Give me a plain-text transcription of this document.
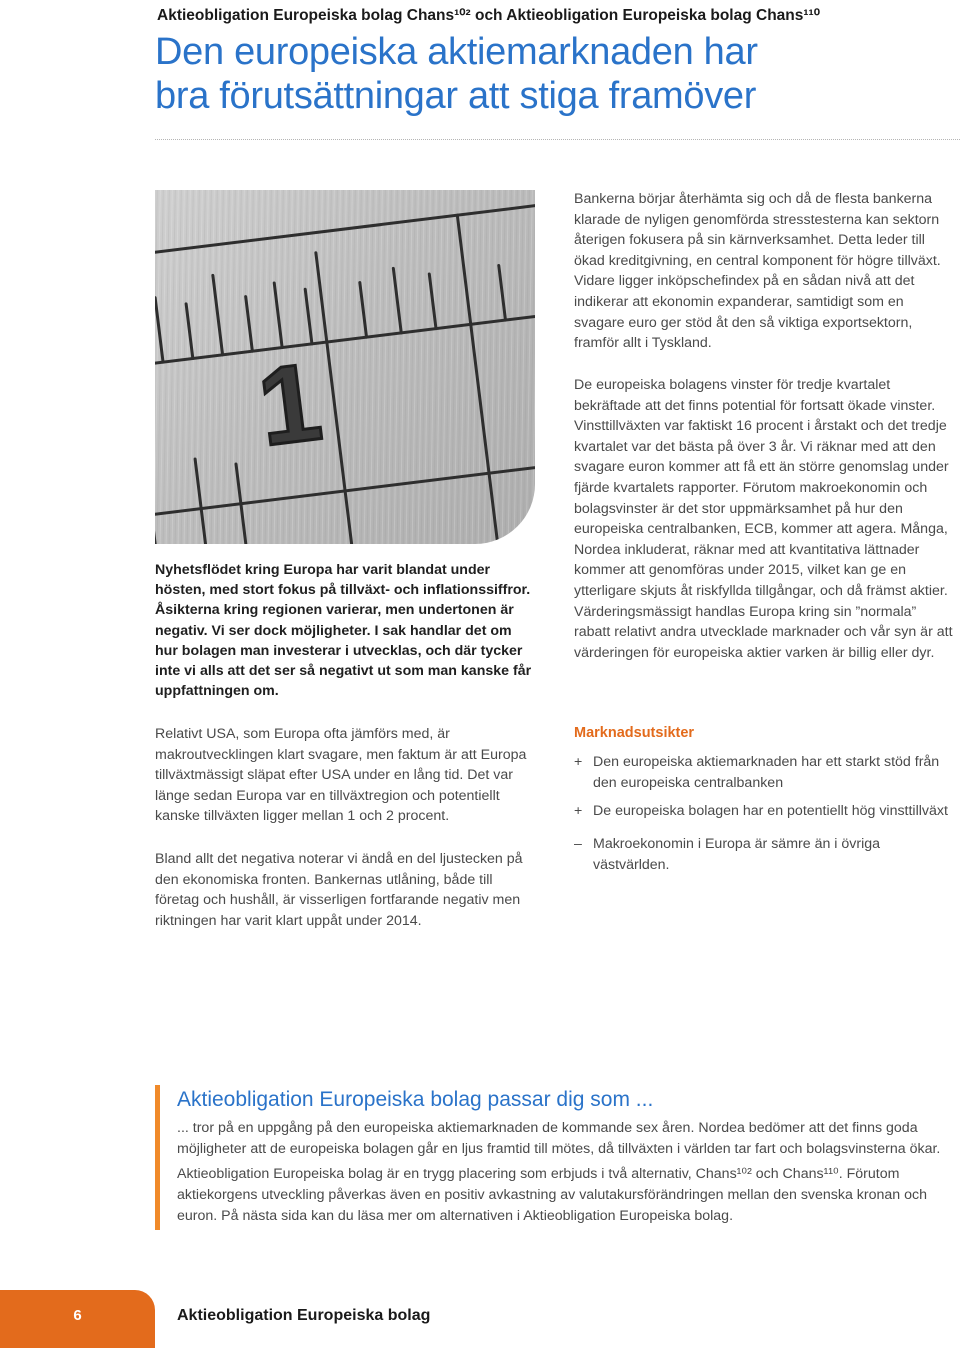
Aktieobligation Europeiska bolag Chans¹⁰² och Aktieobligation Europeiska bolag Chans¹¹⁰
Den europeiska aktiemarknaden har
bra förutsättningar att stiga framöver
1
Nyhetsflödet kring Europa har varit blandat under hösten, med stort fokus på tillväxt- och inflationssiffror. Åsikterna kring regionen varierar, men undertonen är negativ. Vi ser dock möjligheter. I sak handlar det om hur bolagen man investerar i utvecklas, och där tycker inte vi alls att det ser så negativt ut som man kanske får uppfattningen om.
Relativt USA, som Europa ofta jämförs med, är makroutvecklingen klart svagare, men faktum är att Europa tillväxtmässigt släpat efter USA under en lång tid. Det var länge sedan Europa var en tillväxtregion och potentiellt kanske tillväxten ligger mellan 1 och 2 procent.
Bland allt det negativa noterar vi ändå en del ljustecken på den ekonomiska fronten. Bankernas utlåning, både till företag och hushåll, är visserligen fortfarande negativ men riktningen har varit klart uppåt under 2014.
Bankerna börjar återhämta sig och då de flesta bankerna klarade de nyligen genomförda stresstesterna kan sektorn återigen fokusera på sin kärnverksamhet. Detta leder till ökad kreditgivning, en central komponent för högre tillväxt. Vidare ligger inköpschefindex på en sådan nivå att det indikerar att ekonomin expanderar, samtidigt som en svagare euro ger stöd åt den så viktiga exportsektorn, framför allt i Tyskland.
De europeiska bolagens vinster för tredje kvartalet bekräftade att det finns potential för fortsatt ökade vinster. Vinsttillväxten var faktiskt 16 procent i årstakt och det tredje kvartalet var det bästa på över 3 år. Vi räknar med att den svagare euron kommer att få ett än större genomslag under fjärde kvartalets rapporter. Förutom makroekonomin och bolagsvinster är det stor uppmärksamhet på hur den europeiska centralbanken, ECB, kommer att agera. Många, Nordea inkluderat, räknar med att kvantitativa lättnader kommer att genomföras under 2015, vilket kan ge en ytterligare skjuts åt riskfyllda tillgångar, och då främst aktier. Värderingsmässigt handlas Europa kring sin ”normala” rabatt relativt andra utvecklade marknader och vår syn är att värderingen för europeiska aktier varken är billig eller dyr.
Marknadsutsikter
+ Den europeiska aktiemarknaden har ett starkt stöd från den europeiska centralbanken
+ De europeiska bolagen har en potentiellt hög vinsttillväxt
– Makroekonomin i Europa är sämre än i övriga västvärlden.
Aktieobligation Europeiska bolag passar dig som ...
... tror på en uppgång på den europeiska aktiemarknaden de kommande sex åren. Nordea bedömer att det finns goda möjligheter att de europeiska bolagen går en ljus framtid till mötes, då tillväxten i världen tar fart och bolagsvinsterna ökar.
Aktieobligation Europeiska bolag är en trygg placering som erbjuds i två alternativ, Chans¹⁰² och Chans¹¹⁰. Förutom aktiekorgens utveckling påverkas även en positiv avkastning av valutakursförändringen mellan den svenska kronan och euron. På nästa sida kan du läsa mer om alternativen i Aktieobligation Europeiska bolag.
6	Aktieobligation Europeiska bolag
